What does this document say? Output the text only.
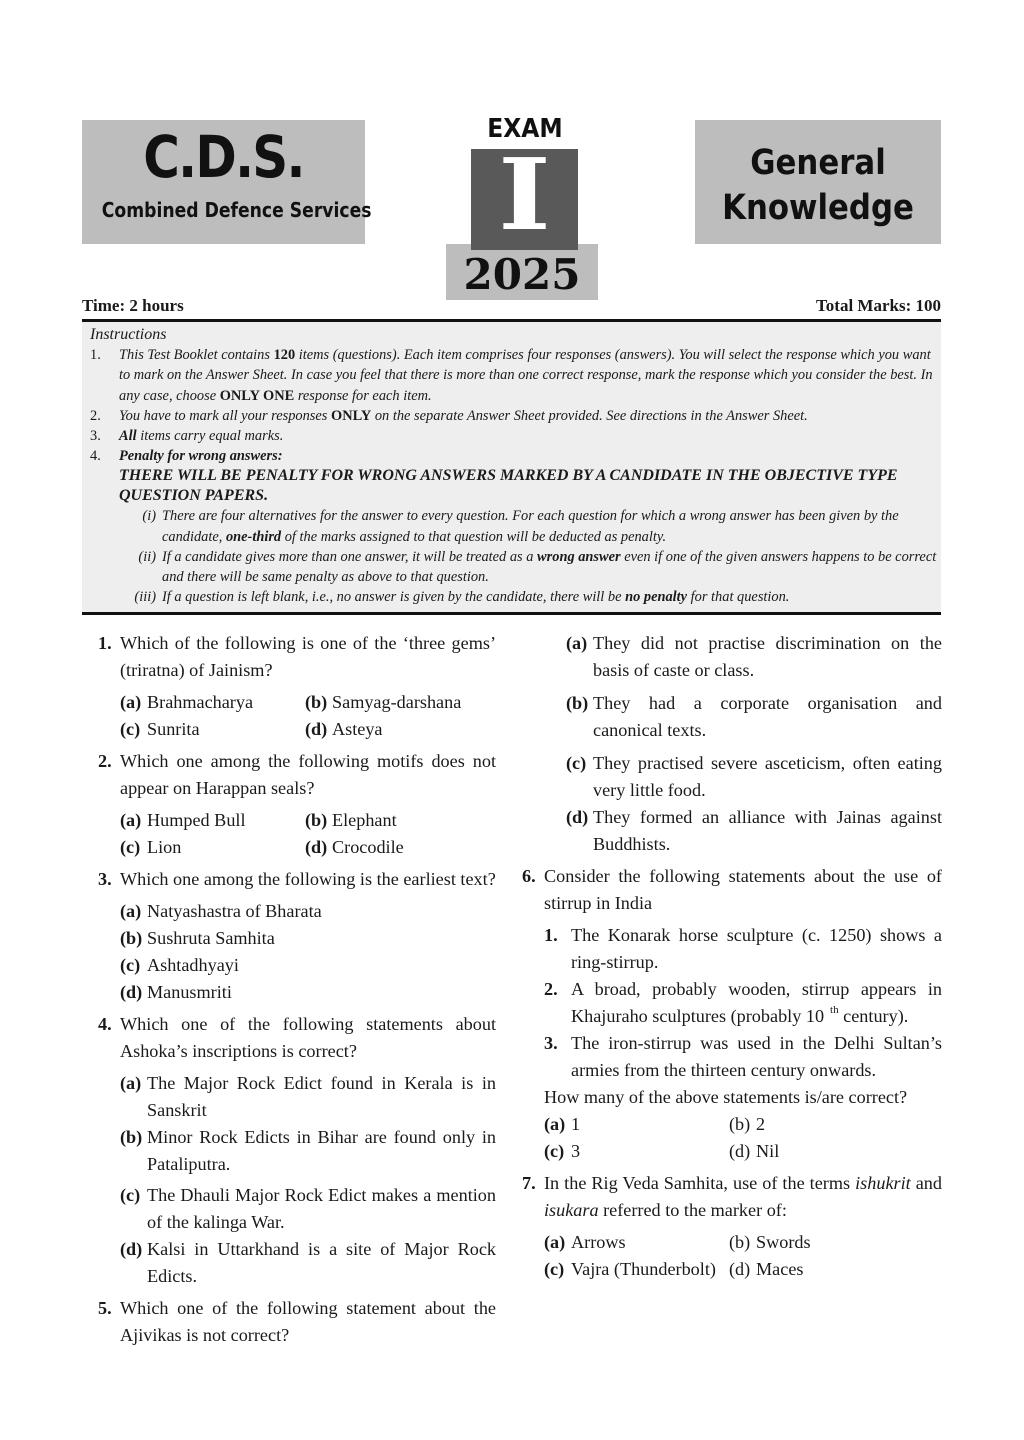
C.D.S.
Combined Defence Services
EXAM
2025
I	General
Knowledge
Time: 2 hours	Total Marks: 100
Instructions
1. This Test Booklet contains 120 items (questions). Each item comprises four responses (answers). You will select the response which you want to mark on the Answer Sheet. In case you feel that there is more than one correct response, mark the response which you consider the best. In any case, choose ONLY ONE response for each item.
2. You have to mark all your responses ONLY on the separate Answer Sheet provided. See directions in the Answer Sheet.
3. All items carry equal marks.
4. Penalty for wrong answers:
THERE WILL BE PENALTY FOR WRONG ANSWERS MARKED BY A CANDIDATE IN THE OBJECTIVE TYPE QUESTION PAPERS.
(i) There are four alternatives for the answer to every question. For each question for which a wrong answer has been given by the candidate, one-third of the marks assigned to that question will be deducted as penalty.
(ii) If a candidate gives more than one answer, it will be treated as a wrong answer even if one of the given answers happens to be correct and there will be same penalty as above to that question.
(iii) If a question is left blank, i.e., no answer is given by the candidate, there will be no penalty for that question.
1. Which of the following is one of the ‘three gems’ (triratna) of Jainism?
(a) Brahmacharya	(b) Samyag-darshana
(c) Sunrita	(d) Asteya
2. Which one among the following motifs does not appear on Harappan seals?
(a) Humped Bull	(b) Elephant
(c) Lion	(d) Crocodile
3. Which one among the following is the earliest text?
(a) Natyashastra of Bharata
(b) Sushruta Samhita
(c) Ashtadhyayi
(d) Manusmriti
4. Which one of the following statements about Ashoka’s inscriptions is correct?
(a) The Major Rock Edict found in Kerala is in Sanskrit
(b) Minor Rock Edicts in Bihar are found only in Pataliputra.
(c) The Dhauli Major Rock Edict makes a mention of the kalinga War.
(d) Kalsi in Uttarkhand is a site of Major Rock Edicts.
5. Which one of the following statement about the Ajivikas is not correct?
(a) They did not practise discrimination on the basis of caste or class.
(b) They had a corporate organisation and canonical texts.
(c) They practised severe asceticism, often eating very little food.
(d) They formed an alliance with Jainas against Buddhists.
6. Consider the following statements about the use of stirrup in India
1. The Konarak horse sculpture (c. 1250) shows a ring-stirrup.
2. A broad, probably wooden, stirrup appears in Khajuraho sculptures (probably 10 $^{th}$ century).
3. The iron-stirrup was used in the Delhi Sultan’s armies from the thirteen century onwards.
How many of the above statements is/are correct?
(a) 1	(b) 2
(c) 3	(d) Nil
7. In the Rig Veda Samhita, use of the terms ishukrit and isukara referred to the marker of:
(a) Arrows	(b) Swords
(c) Vajra (Thunderbolt) (d) Maces
